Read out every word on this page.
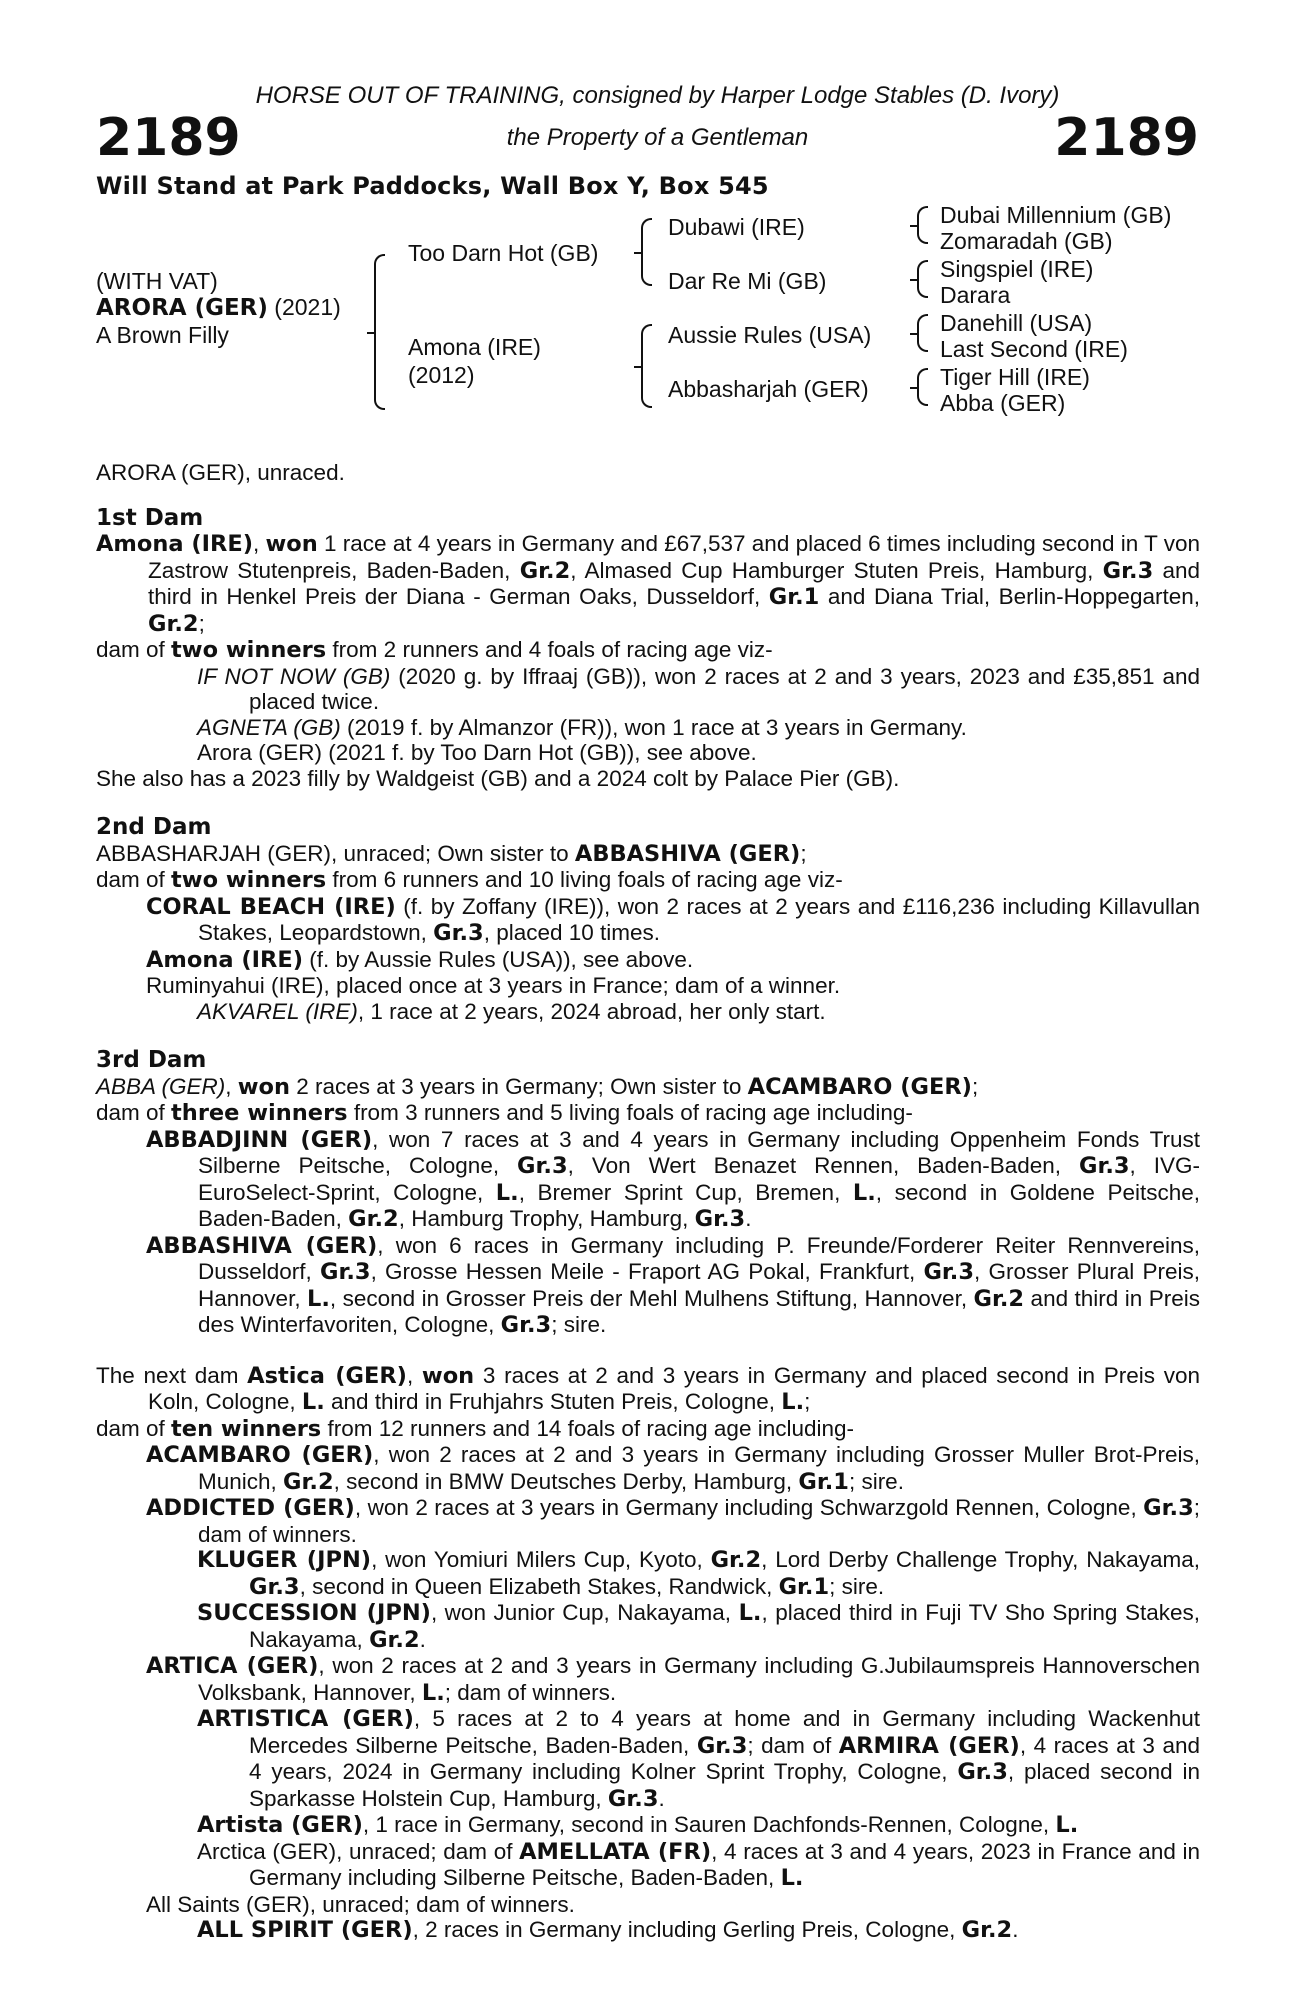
HORSE OUT OF TRAINING, consigned by Harper Lodge Stables (D. Ivory)
2189	the Property of a Gentleman	2189
Will Stand at Park Paddocks, Wall Box Y, Box 545
(WITH VAT)
ARORA (GER) (2021)
A Brown Filly
Too Darn Hot (GB)
Amona (IRE)
(2012)
Dubawi (IRE)
Dar Re Mi (GB)
Aussie Rules (USA)
Abbasharjah (GER)
Dubai Millennium (GB)
Zomaradah (GB)
Singspiel (IRE)
Darara
Danehill (USA)
Last Second (IRE)
Tiger Hill (IRE)
Abba (GER)

ARORA (GER), unraced.

1st Dam

Amona (IRE), won 1 race at 4 years in Germany and £67,537 and placed 6 times including second in T von Zastrow Stutenpreis, Baden-Baden, Gr.2, Almased Cup Hamburger Stuten Preis, Hamburg, Gr.3 and third in Henkel Preis der Diana - German Oaks, Dusseldorf, Gr.1 and Diana Trial, Berlin-Hoppegarten, Gr.2;

dam of two winners from 2 runners and 4 foals of racing age viz-

IF NOT NOW (GB) (2020 g. by Iffraaj (GB)), won 2 races at 2 and 3 years, 2023 and £35,851 and placed twice.

AGNETA (GB) (2019 f. by Almanzor (FR)), won 1 race at 3 years in Germany.

Arora (GER) (2021 f. by Too Darn Hot (GB)), see above.

She also has a 2023 filly by Waldgeist (GB) and a 2024 colt by Palace Pier (GB).

2nd Dam

ABBASHARJAH (GER), unraced; Own sister to ABBASHIVA (GER);

dam of two winners from 6 runners and 10 living foals of racing age viz-

CORAL BEACH (IRE) (f. by Zoffany (IRE)), won 2 races at 2 years and £116,236 including Killavullan Stakes, Leopardstown, Gr.3, placed 10 times.

Amona (IRE) (f. by Aussie Rules (USA)), see above.

Ruminyahui (IRE), placed once at 3 years in France; dam of a winner.

AKVAREL (IRE), 1 race at 2 years, 2024 abroad, her only start.

3rd Dam

ABBA (GER), won 2 races at 3 years in Germany; Own sister to ACAMBARO (GER);

dam of three winners from 3 runners and 5 living foals of racing age including-

ABBADJINN (GER), won 7 races at 3 and 4 years in Germany including Oppenheim Fonds Trust Silberne Peitsche, Cologne, Gr.3, Von Wert Benazet Rennen, Baden-Baden, Gr.3, IVG-EuroSelect-Sprint, Cologne, L., Bremer Sprint Cup, Bremen, L., second in Goldene Peitsche, Baden-Baden, Gr.2, Hamburg Trophy, Hamburg, Gr.3.

ABBASHIVA (GER), won 6 races in Germany including P. Freunde/Forderer Reiter Rennvereins, Dusseldorf, Gr.3, Grosse Hessen Meile - Fraport AG Pokal, Frankfurt, Gr.3, Grosser Plural Preis, Hannover, L., second in Grosser Preis der Mehl Mulhens Stiftung, Hannover, Gr.2 and third in Preis des Winterfavoriten, Cologne, Gr.3; sire.

The next dam Astica (GER), won 3 races at 2 and 3 years in Germany and placed second in Preis von Koln, Cologne, L. and third in Fruhjahrs Stuten Preis, Cologne, L.;

dam of ten winners from 12 runners and 14 foals of racing age including-

ACAMBARO (GER), won 2 races at 2 and 3 years in Germany including Grosser Muller Brot-Preis, Munich, Gr.2, second in BMW Deutsches Derby, Hamburg, Gr.1; sire.

ADDICTED (GER), won 2 races at 3 years in Germany including Schwarzgold Rennen, Cologne, Gr.3; dam of winners.

KLUGER (JPN), won Yomiuri Milers Cup, Kyoto, Gr.2, Lord Derby Challenge Trophy, Nakayama, Gr.3, second in Queen Elizabeth Stakes, Randwick, Gr.1; sire.

SUCCESSION (JPN), won Junior Cup, Nakayama, L., placed third in Fuji TV Sho Spring Stakes, Nakayama, Gr.2.

ARTICA (GER), won 2 races at 2 and 3 years in Germany including G.Jubilaumspreis Hannoverschen Volksbank, Hannover, L.; dam of winners.

ARTISTICA (GER), 5 races at 2 to 4 years at home and in Germany including Wackenhut Mercedes Silberne Peitsche, Baden-Baden, Gr.3; dam of ARMIRA (GER), 4 races at 3 and 4 years, 2024 in Germany including Kolner Sprint Trophy, Cologne, Gr.3, placed second in Sparkasse Holstein Cup, Hamburg, Gr.3.

Artista (GER), 1 race in Germany, second in Sauren Dachfonds-Rennen, Cologne, L.

Arctica (GER), unraced; dam of AMELLATA (FR), 4 races at 3 and 4 years, 2023 in France and in Germany including Silberne Peitsche, Baden-Baden, L.

All Saints (GER), unraced; dam of winners.

ALL SPIRIT (GER), 2 races in Germany including Gerling Preis, Cologne, Gr.2.
